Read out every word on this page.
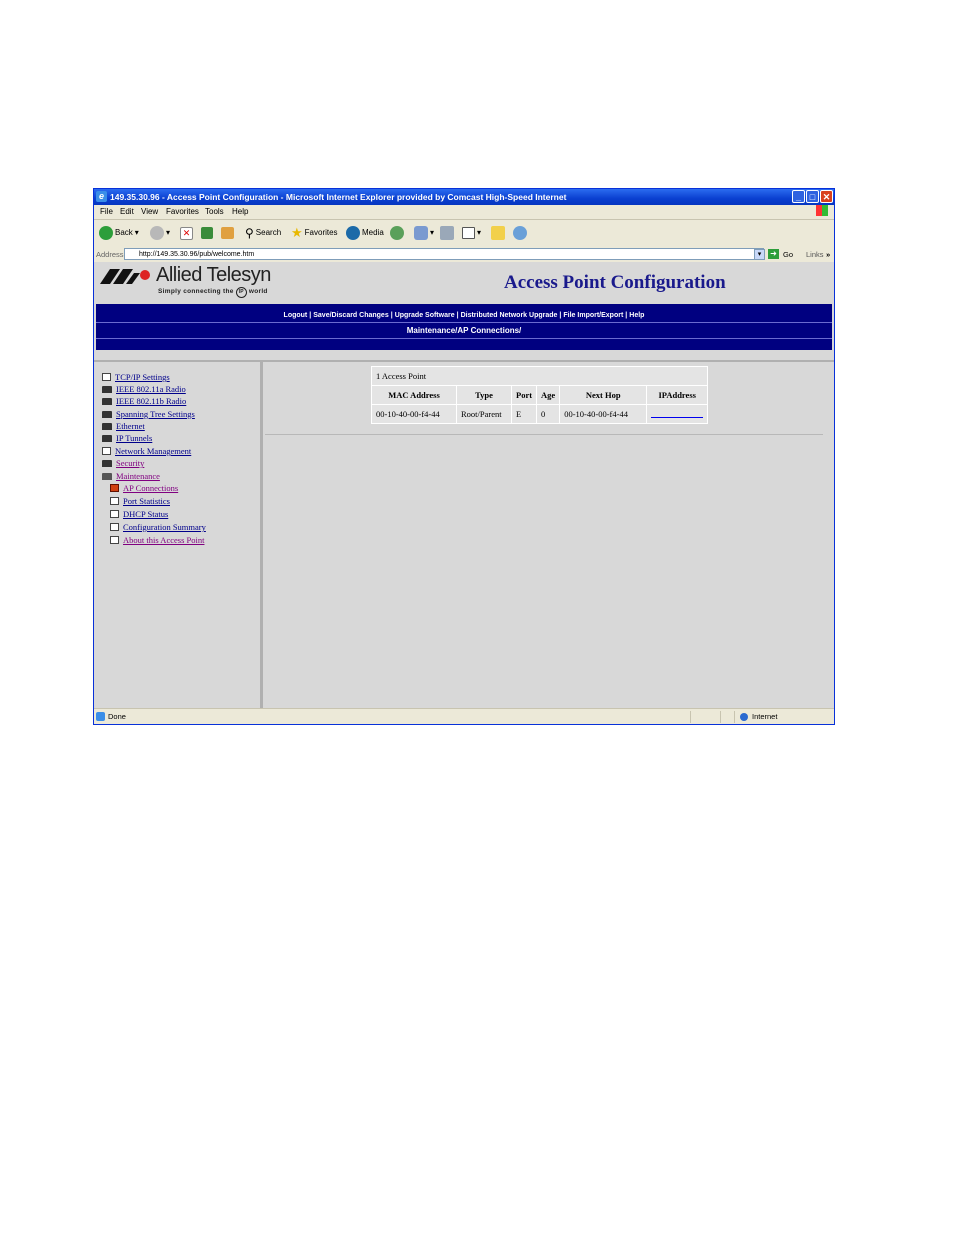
e 149.35.30.96 - Access Point Configuration - Microsoft Internet Explorer provided by Comcast High-Speed Internet	_ □ ✕
File Edit View Favorites Tools Help
Back ▾	▾	✕	⚲ Search ★ Favorites	Media	▾	▾
Address	http://149.35.30.96/pub/welcome.htm	▾	➜ Go Links »
Allied Telesyn
Simply connecting the IP world	Access Point Configuration
Logout | Save/Discard Changes | Upgrade Software | Distributed Network Upgrade | File Import/Export | Help
Maintenance/AP Connections/
TCP/IP Settings
IEEE 802.11a Radio
IEEE 802.11b Radio
Spanning Tree Settings
Ethernet
IP Tunnels
Network Management
Security
Maintenance
AP Connections
Port Statistics
DHCP Status
Configuration Summary
About this Access Point
1 Access Point					
MAC Address	Type	Port	Age	Next Hop	IPAddress
00-10-40-00-f4-44	Root/Parent	E	0	00-10-40-00-f4-44	
Done	Internet
